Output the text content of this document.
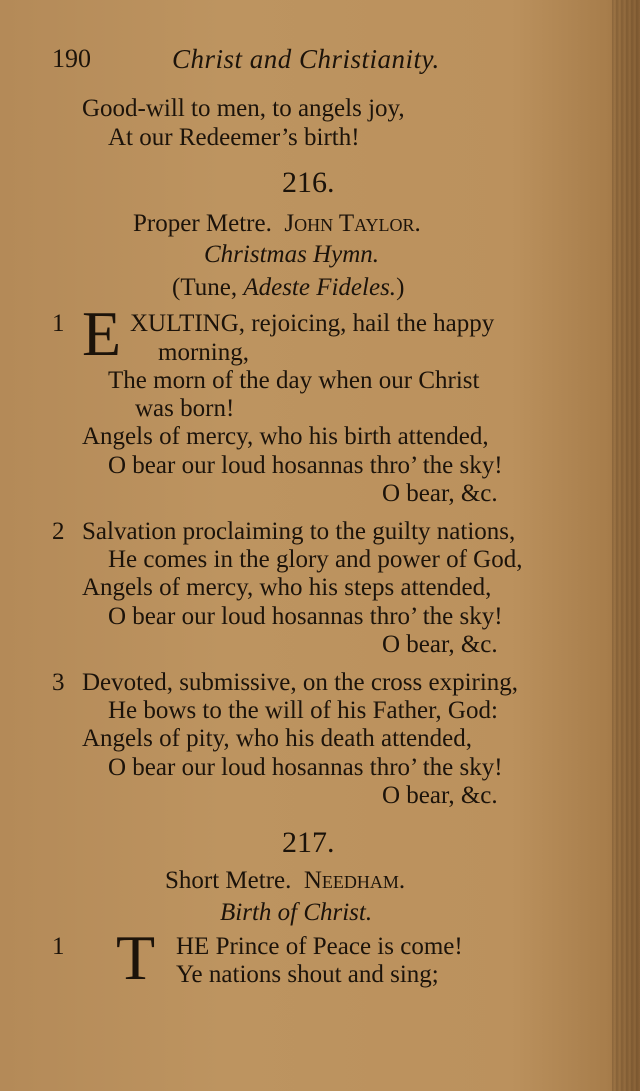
190	Christ and Christianity.
Good-will to men, to angels joy,
At our Redeemer’s birth!
216.
Proper Metre. John Taylor.
Christmas Hymn.
(Tune, Adeste Fideles.)
1 E XULTING, rejoicing, hail the happy
morning,
The morn of the day when our Christ
was born!
Angels of mercy, who his birth attended,
O bear our loud hosannas thro’ the sky!
O bear, &c.
2 Salvation proclaiming to the guilty nations,
He comes in the glory and power of God,
Angels of mercy, who his steps attended,
O bear our loud hosannas thro’ the sky!
O bear, &c.
3 Devoted, submissive, on the cross expiring,
He bows to the will of his Father, God:
Angels of pity, who his death attended,
O bear our loud hosannas thro’ the sky!
O bear, &c.
217.
Short Metre. Needham.
Birth of Christ.
1 T HE Prince of Peace is come!
Ye nations shout and sing;
